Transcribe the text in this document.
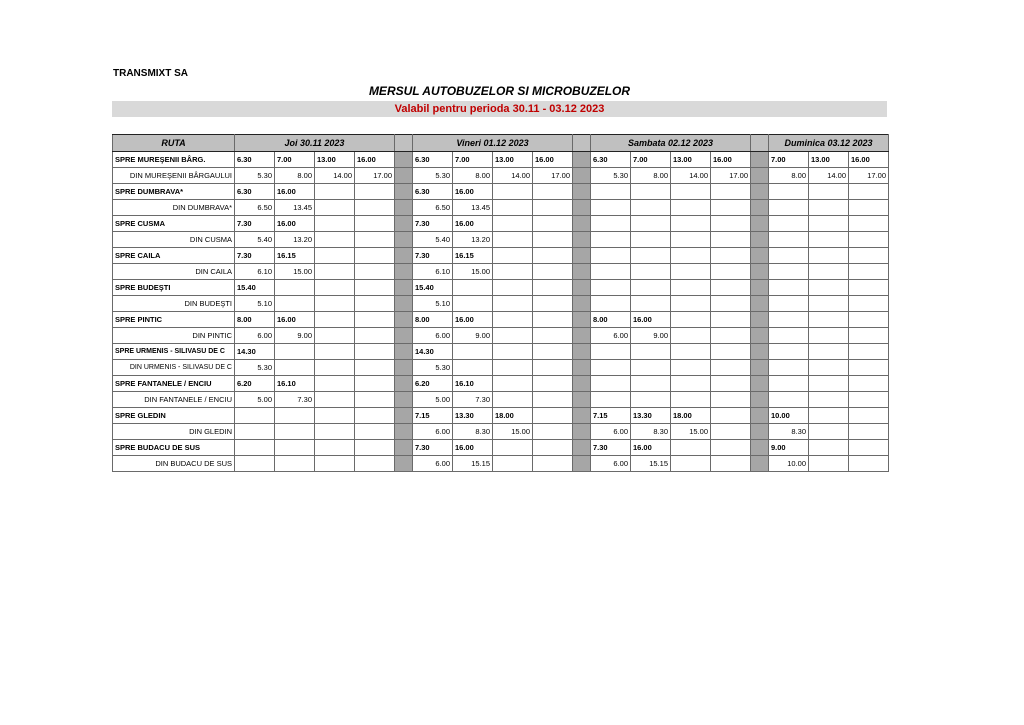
TRANSMIXT SA
MERSUL AUTOBUZELOR SI MICROBUZELOR
Valabil pentru perioda 30.11 - 03.12 2023
RUTA	Joi 30.11 2023					Vineri 01.12 2023					Sambata 02.12 2023					Duminica 03.12 2023		
SPRE MUREŞENII BÂRG.	6.30	7.00	13.00	16.00		6.30	7.00	13.00	16.00		6.30	7.00	13.00	16.00		7.00	13.00	16.00
DIN MUREŞENII BÂRGAULUI	5.30	8.00	14.00	17.00		5.30	8.00	14.00	17.00		5.30	8.00	14.00	17.00		8.00	14.00	17.00
SPRE DUMBRAVA*	6.30	16.00				6.30	16.00											
DIN DUMBRAVA*	6.50	13.45				6.50	13.45											
SPRE CUSMA	7.30	16.00				7.30	16.00											
DIN CUSMA	5.40	13.20				5.40	13.20											
SPRE CAILA	7.30	16.15				7.30	16.15											
DIN CAILA	6.10	15.00				6.10	15.00											
SPRE BUDEŞTI	15.40					15.40												
DIN BUDEŞTI	5.10					5.10												
SPRE PINTIC	8.00	16.00				8.00	16.00				8.00	16.00						
DIN PINTIC	6.00	9.00				6.00	9.00				6.00	9.00						
SPRE URMENIS - SILIVASU DE C	14.30					14.30												
DIN URMENIS - SILIVASU DE C	5.30					5.30												
SPRE FANTANELE / ENCIU	6.20	16.10				6.20	16.10											
DIN FANTANELE / ENCIU	5.00	7.30				5.00	7.30											
SPRE GLEDIN						7.15	13.30	18.00			7.15	13.30	18.00			10.00		
DIN GLEDIN						6.00	8.30	15.00			6.00	8.30	15.00			8.30		
SPRE BUDACU DE SUS						7.30	16.00				7.30	16.00				9.00		
DIN BUDACU DE SUS						6.00	15.15				6.00	15.15				10.00		
